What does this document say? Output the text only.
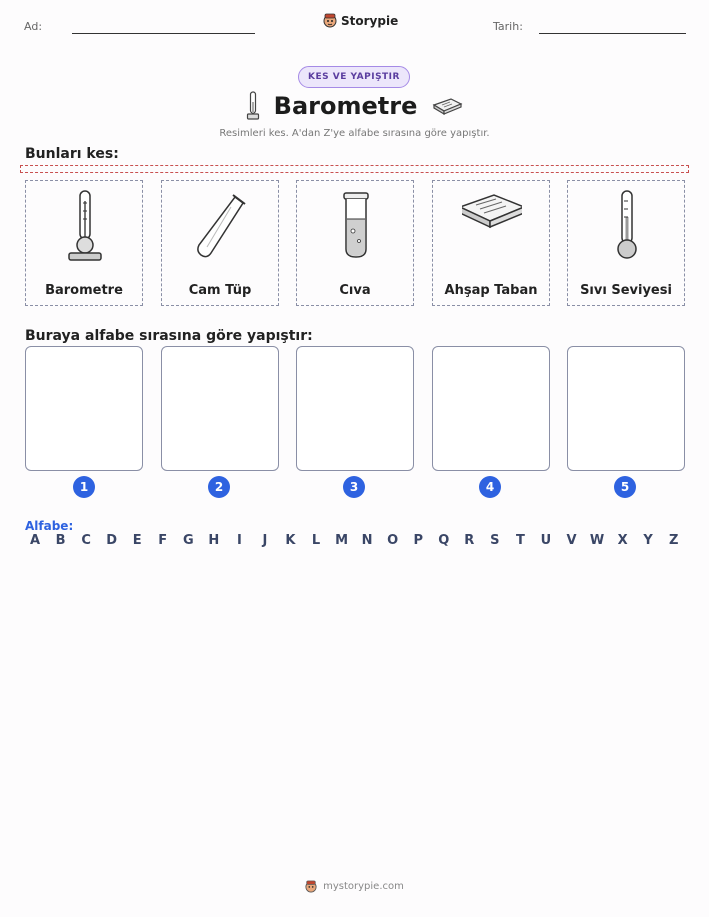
Ad:	Storypie	Tarih:
KES VE YAPIŞTIR
Barometre
Resimleri kes. A'dan Z'ye alfabe sırasına göre yapıştır.
Bunları kes:
Barometre	Cam Tüp	Cıva	Ahşap Taban	Sıvı Seviyesi
Buraya alfabe sırasına göre yapıştır:
1	2	3	4	5
Alfabe:
A	B	C	D	E	F	G	H	I	J	K	L	M	N	O	P	Q	R	S	T	U	V	W	X	Y	Z
mystorypie.com
